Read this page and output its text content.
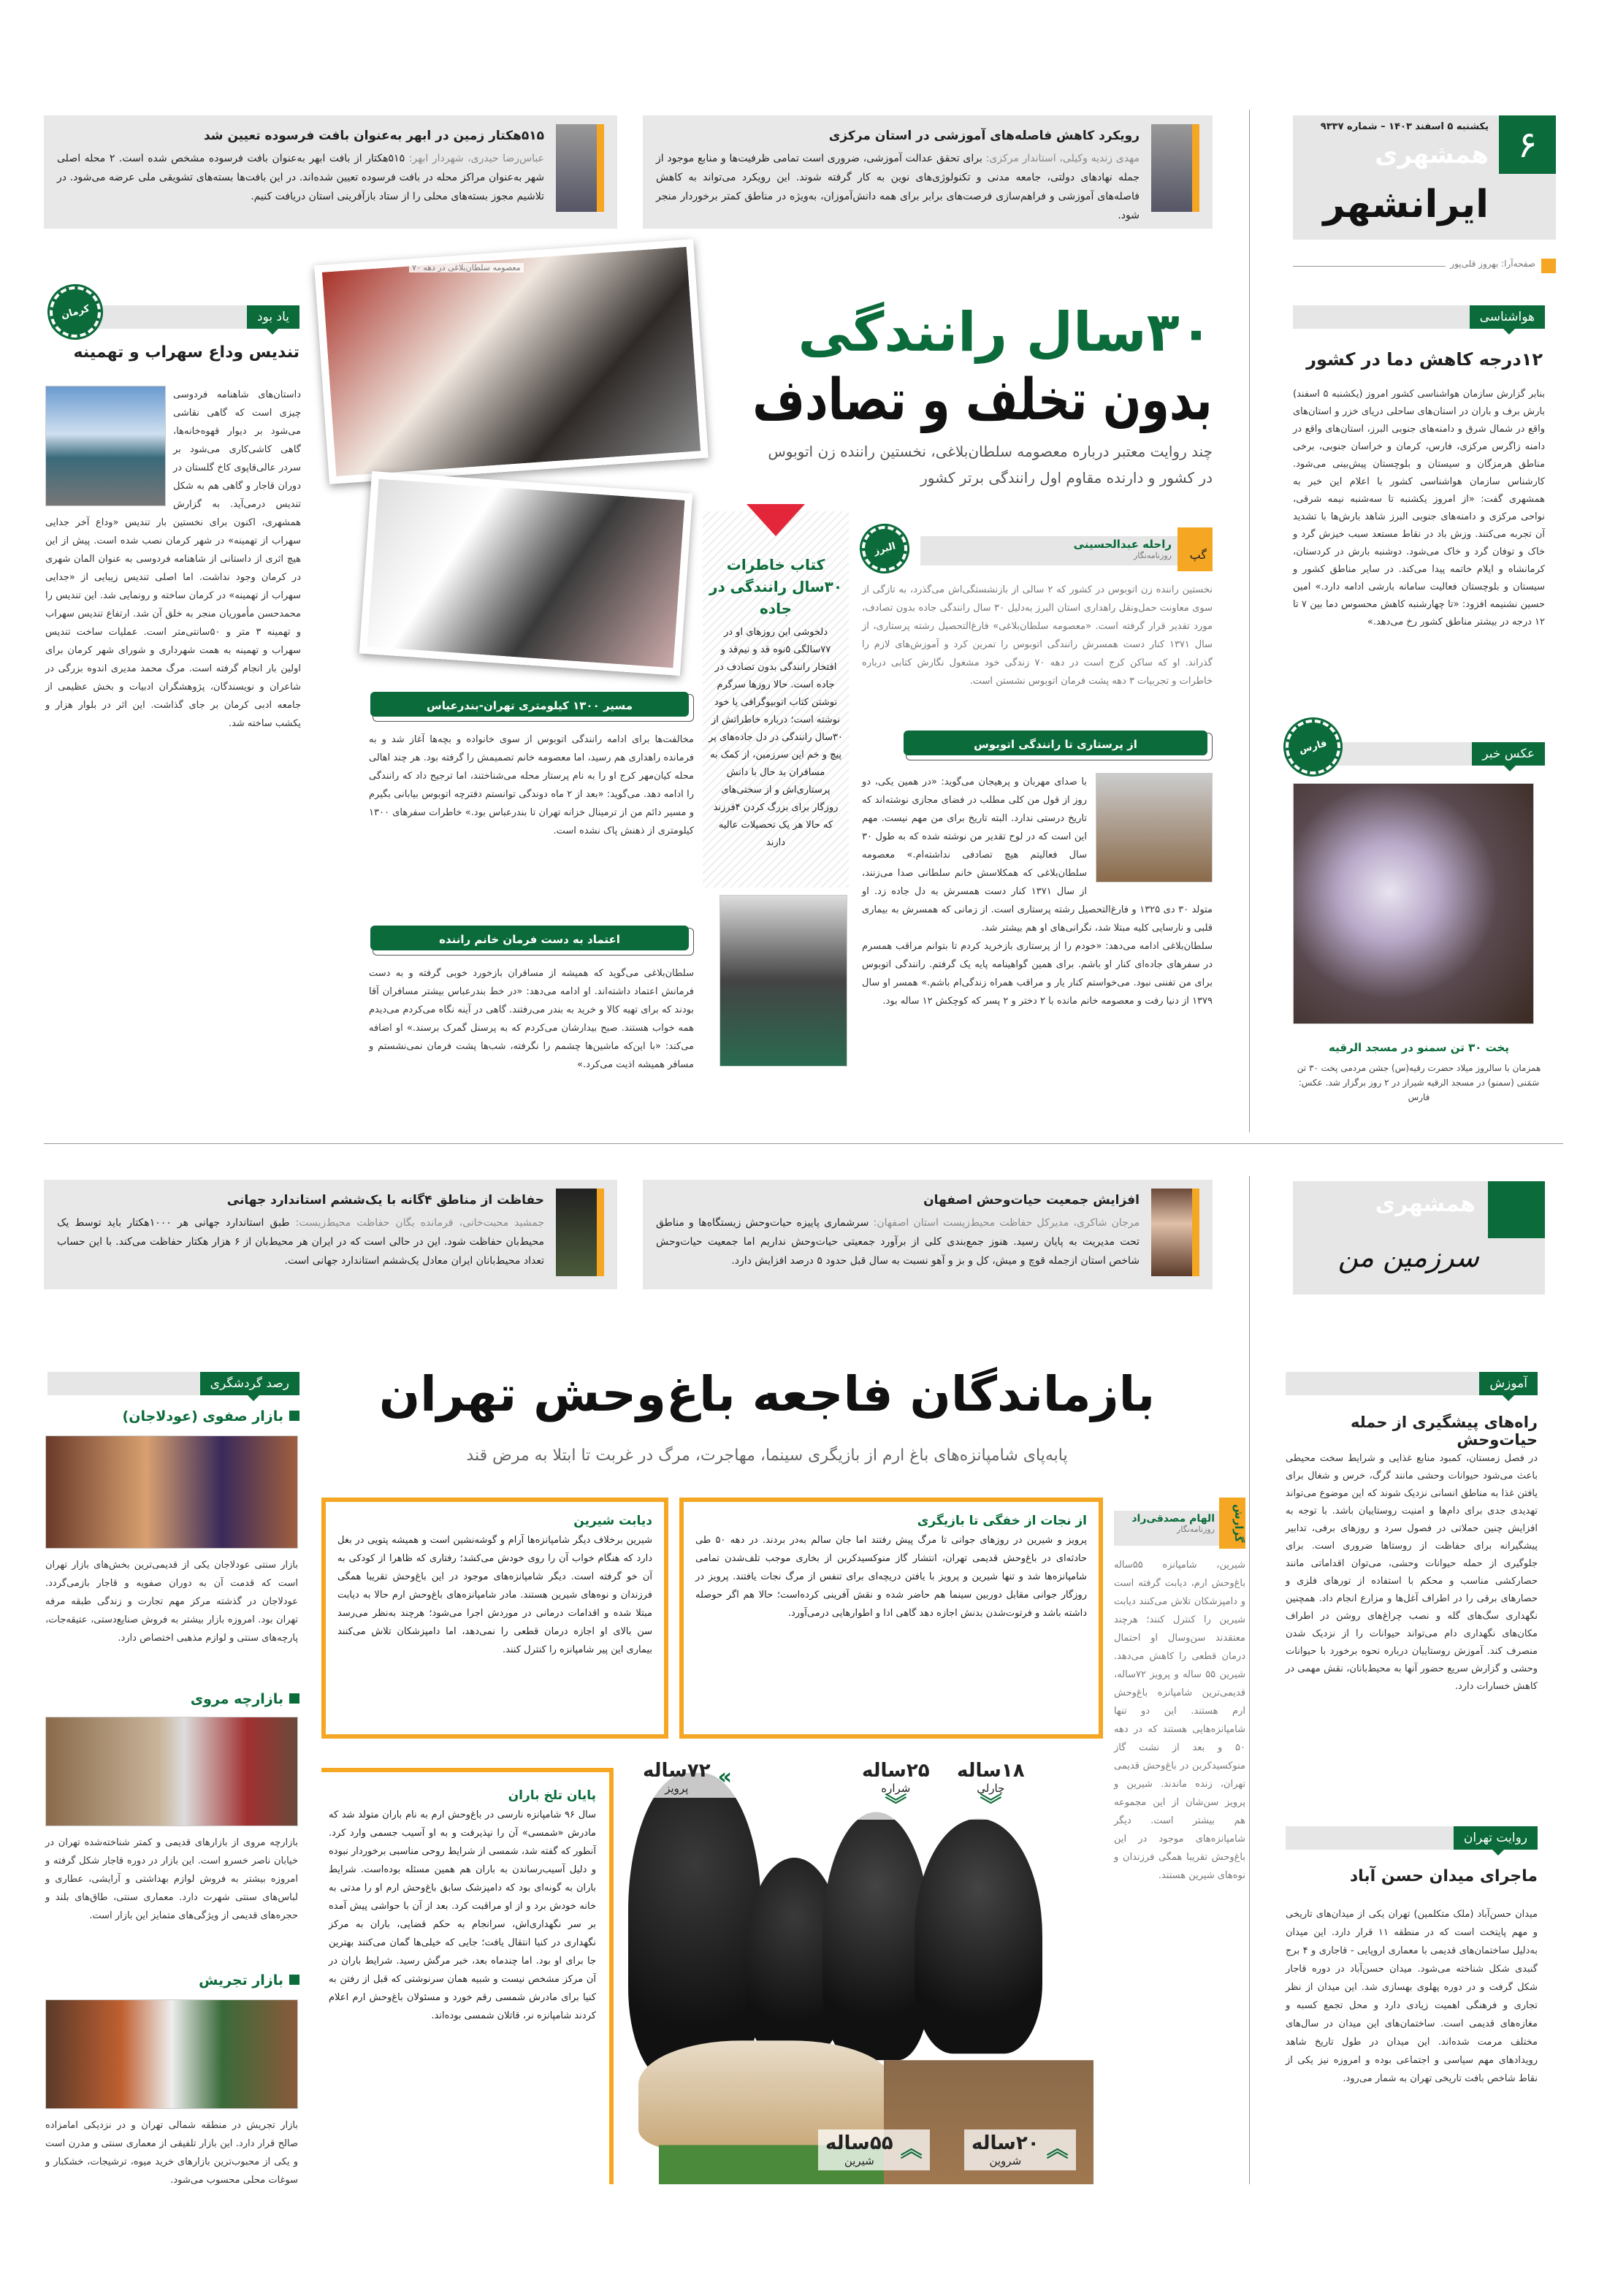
۶
یکشنبه ۵ اسفند ۱۴۰۳ – شماره ۹۳۳۷
همشهری
ایرانشهر
صفحه‌آرا: بهروز قلی‌پور
هواشناسی
۱۲درجه کاهش دما در کشور

بنابر گزارش سازمان هواشناسی کشور امروز (یکشنبه ۵ اسفند) بارش برف و باران در استان‌های ساحلی دریای خزر و استان‌های واقع در شمال شرق و دامنه‌های جنوبی البرز، استان‌های واقع در دامنه زاگرس مرکزی، فارس، کرمان و خراسان جنوبی، برخی مناطق هرمزگان و سیستان و بلوچستان پیش‌بینی می‌شود. کارشناس سازمان هواشناسی کشور با اعلام این خبر به همشهری گفت: «از امروز یکشنبه تا سه‌شنبه نیمه شرقی، نواحی مرکزی و دامنه‌های جنوبی البرز شاهد بارش‌ها با تشدید آن تجربه می‌کنند. وزش باد در نقاط مستعد سبب خیزش گرد و خاک و توفان گرد و خاک می‌شود. دوشنبه بارش در کردستان، کرمانشاه و ایلام خاتمه پیدا می‌کند. در سایر مناطق کشور و سیستان و بلوچستان فعالیت سامانه بارشی ادامه دارد.» امین حسین نشنیمه افزود: «تا چهارشنبه کاهش محسوس دما بین ۷ تا ۱۲ درجه در بیشتر مناطق کشور رخ می‌دهد.»

عکس خبر
فارس
پخت ۳۰ تن سمنو در مسجد الرقیه
همزمان با سالروز میلاد حضرت رقیه(س) جشن مردمی پخت ۳۰ تن سَمَنی (سمنو) در مسجد الرقیه شیراز در ۲ روز برگزار شد. عکس: فارس
معصومه سلطان‌بلاغی در دهه ۷۰
رویکرد کاهش فاصله‌های آموزشی در استان مرکزی
مهدی زندیه وکیلی، استاندار مرکزی: برای تحقق عدالت آموزشی، ضروری است تمامی ظرفیت‌ها و منابع موجود از جمله نهادهای دولتی، جامعه مدنی و تکنولوژی‌های نوین به کار گرفته شوند. این رویکرد می‌تواند به کاهش فاصله‌های آموزشی و فراهم‌سازی فرصت‌های برابر برای همه دانش‌آموزان، به‌ویژه در مناطق کمتر برخوردار منجر شود.
۵۱۵هکتار زمین در ابهر به‌عنوان بافت فرسوده تعیین شد
عباس‌رضا حیدری، شهردار ابهر: ۵۱۵هکتار از بافت ابهر به‌عنوان بافت فرسوده مشخص شده است. ۲ محله اصلی شهر به‌عنوان مراکز محله در بافت فرسوده تعیین شده‌اند. در این بافت‌ها بسته‌های تشویقی ملی عرضه می‌شود. در تلاشیم مجوز بسته‌های محلی را از ستاد بازآفرینی استان دریافت کنیم.
۳۰سال رانندگی
بدون تخلف و تصادف

چند روایت معتبر درباره معصومه سلطان‌بلاغی، نخستین راننده زن اتوبوس در کشور و دارنده مقاوم اول رانندگی برتر کشور

گپ
راحله عبدالحسینی
روزنامه‌نگار
البرز

نخستین راننده زن اتوبوس در کشور که ۲ سالی از بازنشستگی‌اش می‌گذرد، به تازگی از سوی معاونت حمل‌ونقل راهداری استان البرز به‌دلیل ۳۰ سال رانندگی جاده بدون تصادف، مورد تقدیر قرار گرفته است. «معصومه سلطان‌بلاغی» فارغ‌التحصیل رشته پرستاری، از سال ۱۳۷۱ کنار دست همسرش رانندگی اتوبوس را تمرین کرد و آموزش‌های لازم را گذراند. او که ساکن کرج است در دهه ۷۰ زندگی خود مشغول نگارش کتابی درباره خاطرات و تجربیات ۳ دهه پشت فرمان اتوبوس نشستن است.

از پرستاری تا رانندگی اتوبوس

با صدای مهربان و پرهیجان می‌گوید: «در همین یکی، دو روز از قول من کلی مطلب در فضای مجازی نوشته‌اند که تاریخ درستی ندارد. البته تاریخ برای من مهم نیست. مهم این است که در لوح تقدیر من نوشته شده که به طول ۳۰ سال فعالیتم هیچ تصادفی نداشته‌ام.» معصومه سلطان‌بلاغی که همکلاسش خانم سلطانی صدا می‌زنند، از سال ۱۳۷۱ کنار دست همسرش به دل جاده زد. او متولد ۳۰ دی ۱۳۲۵ و فارغ‌التحصیل رشته پرستاری است. از زمانی که همسرش به بیماری قلبی و نارسایی کلیه مبتلا شد، نگرانی‌های او هم بیشتر شد.

سلطان‌بلاغی ادامه می‌دهد: «خودم را از پرستاری بازخرید کردم تا بتوانم مراقب همسرم در سفرهای جاده‌ای کنار او باشم. برای همین گواهینامه پایه یک گرفتم. رانندگی اتوبوس برای من تفننی نبود. می‌خواستم کنار یار و مراقب همراه زندگی‌ام باشم.» همسر او سال ۱۳۷۹ از دنیا رفت و معصومه خانم مانده با ۲ دختر و ۲ پسر که کوچکش ۱۲ ساله بود.

کتاب خاطرات ۳۰سال رانندگی در جاده
دلخوشی این روزهای او در ۷۷سالگی ۵نوه قد و نیم‌قد و افتخار رانندگی بدون تصادف در جاده است. حالا روزها سرگرم نوشتن کتاب اتوبیوگرافی یا خود نوشته است؛ درباره خاطراتش از ۳۰سال رانندگی در دل جاده‌های پر پیچ و خم این سرزمین، از کمک به مسافران بد حال با دانش پرستاری‌اش و از سختی‌های روزگار برای بزرگ کردن ۴فرزند که حالا هر یک تحصیلات عالیه دارند
مسیر ۱۳۰۰ کیلومتری تهران-بندرعباس

مخالفت‌ها برای ادامه رانندگی اتوبوس از سوی خانواده و بچه‌ها آغاز شد و به فرمانده راهداری هم رسید، اما معصومه خانم تصمیمش را گرفته بود. هر چند اهالی محله کیان‌مهر کرج او را به نام پرستار محله می‌شناختند، اما ترجیح داد که رانندگی را ادامه دهد. می‌گوید: «بعد از ۲ ماه دوندگی توانستم دفترچه اتوبوس بیابانی بگیرم و مسیر دائم من از ترمینال خزانه تهران تا بندرعباس بود.» خاطرات سفرهای ۱۳۰۰ کیلومتری از ذهنش پاک نشده است.

اعتماد به دست فرمان خانم راننده

سلطان‌بلاغی می‌گوید که همیشه از مسافران بازخورد خوبی گرفته و به دست فرمانش اعتماد داشته‌اند. او ادامه می‌دهد: «در خط بندرعباس بیشتر مسافران آقا بودند که برای تهیه کالا و خرید به بندر می‌رفتند. گاهی در آینه نگاه می‌کردم می‌دیدم همه خواب هستند. صبح بیدارشان می‌کردم که به پرسنل گمرک برسند.» او اضافه می‌کند: «با این‌که ماشین‌ها چشمم را نگرفته، شب‌ها پشت فرمان نمی‌نشستم و مسافر همیشه اذیت می‌کرد.»

یاد بود
کرمان
تندیس وداع سهراب و تهمینه

داستان‌های شاهنامه فردوسی چیزی است که گاهی نقاشی می‌شود بر دیوار قهوه‌خانه‌ها، گاهی کاشی‌کاری می‌شود بر سردر عالی‌قاپوی کاخ گلستان در دوران قاجار و گاهی هم به شکل تندیس درمی‌آید. به گزارش همشهری، اکنون برای نخستین بار تندیس «وداع آخر جدایی سهراب از تهمینه» در شهر کرمان نصب شده است. پیش از این هیچ اثری از داستانی از شاهنامه فردوسی به عنوان المان شهری در کرمان وجود نداشت. اما اصلی تندیس زیبایی از «جدایی سهراب از تهمینه» در کرمان ساخته و رونمایی شد. این تندیس را محمدحسن مأموریان منجر به خلق آن شد. ارتفاع تندیس سهراب و تهمینه ۳ متر و ۵۰سانتی‌متر است. عملیات ساخت تندیس سهراب و تهمینه به همت شهرداری و شورای شهر کرمان برای اولین بار انجام گرفته است. مرگ محمد مدیری اندوه بزرگی در شاعران و نویسندگان، پژوهشگران ادبیات و بخش عظیمی از جامعه ادبی کرمان بر جای گذاشت. این اثر در بلوار هزار و یکشب ساخته شد.

افزایش جمعیت حیات‌وحش اصفهان
مرجان شاکری، مدیرکل حفاظت محیط‌زیست استان اصفهان: سرشماری پاییزه حیات‌وحش زیستگاه‌ها و مناطق تحت مدیریت به پایان رسید. هنوز جمع‌بندی کلی از برآورد جمعیتی حیات‌وحش نداریم اما جمعیت حیات‌وحش شاخص استان ازجمله قوچ و میش، کل و بز و آهو نسبت به سال قبل حدود ۵ درصد افزایش دارد.
حفاظت از مناطق ۴گانه با یک‌ششم استاندارد جهانی
جمشید محبت‌خانی، فرمانده یگان حفاظت محیط‌زیست: طبق استاندارد جهانی هر ۱۰۰۰هکتار باید توسط یک محیط‌بان حفاظت شود. این در حالی است که در ایران هر محیط‌بان از ۶ هزار هکتار حفاظت می‌کند. با این حساب تعداد محیط‌بانان ایران معادل یک‌ششم استاندارد جهانی است.
همشهری
سرزمین من
آموزش
راه‌های پیشگیری از حمله حیات‌وحش

در فصل زمستان، کمبود منابع غذایی و شرایط سخت محیطی باعث می‌شود حیوانات وحشی مانند گرگ، خرس و شغال برای یافتن غذا به مناطق انسانی نزدیک شوند که این موضوع می‌تواند تهدیدی جدی برای دام‌ها و امنیت روستاییان باشد. با توجه به افزایش چنین حملاتی در فصول سرد و روزهای برفی، تدابیر پیشگیرانه برای حفاظت از روستاها ضروری است. برای جلوگیری از حمله حیوانات وحشی، می‌توان اقداماتی مانند حصارکشی مناسب و محکم با استفاده از تورهای فلزی و حصارهای برقی را در اطراف آغل‌ها و مزارع انجام داد. همچنین نگهداری سگ‌های گله و نصب چراغ‌های روشن در اطراف مکان‌های نگهداری دام می‌تواند حیوانات را از نزدیک شدن منصرف کند. آموزش روستاییان درباره نحوه برخورد با حیوانات وحشی و گزارش سریع حضور آنها به محیط‌بانان، نقش مهمی در کاهش خسارات دارد.

روایت تهران
ماجرای میدان حسن آباد

میدان حسن‌آباد (ملک متکلمین) تهران یکی از میدان‌های تاریخی و مهم پایتخت است که در منطقه ۱۱ قرار دارد. این میدان به‌دلیل ساختمان‌های قدیمی با معماری اروپایی - قاجاری و ۴ برج گنبدی شکل شناخته می‌شود. میدان حسن‌آباد در دوره قاجار شکل گرفت و در دوره پهلوی بهسازی شد. این میدان از نظر تجاری و فرهنگی اهمیت زیادی دارد و محل تجمع کسبه و مغازه‌های قدیمی است. ساختمان‌های این میدان در سال‌های مختلف مرمت شده‌اند. این میدان در طول تاریخ شاهد رویدادهای مهم سیاسی و اجتماعی بوده و امروزه نیز یکی از نقاط شاخص بافت تاریخی تهران به شمار می‌رود.

رصد گردشگری
بازار صفوی (عودلاجان)

بازار سنتی عودلاجان یکی از قدیمی‌ترین بخش‌های بازار تهران است که قدمت آن به دوران صفویه و قاجار بازمی‌گردد. عودلاجان در گذشته مرکز مهم تجارت و زندگی طبقه مرفه تهران بود. امروزه بازار بیشتر به فروش صنایع‌دستی، عتیقه‌جات، پارچه‌های سنتی و لوازم مذهبی اختصاص دارد.

بازارچه مروی

بازارچه مروی از بازارهای قدیمی و کمتر شناخته‌شده تهران در خیابان ناصر خسرو است. این بازار در دوره قاجار شکل گرفته و امروزه بیشتر به فروش لوازم بهداشتی و آرایشی، عطاری و لباس‌های سنتی شهرت دارد. معماری سنتی، طاق‌های بلند و حجره‌های قدیمی از ویژگی‌های متمایز این بازار است.

بازار تجریش

بازار تجریش در منطقه شمالی تهران و در نزدیکی امامزاده صالح قرار دارد. این بازار تلفیقی از معماری سنتی و مدرن است و یکی از محبوب‌ترین بازارهای خرید میوه، ترشیجات، خشکبار و سوغات محلی محسوب می‌شود.

بازماندگان فاجعه باغ‌وحش تهران

پابه‌پای شامپانزه‌های باغ ارم از بازیگری سینما، مهاجرت، مرگ در غربت تا ابتلا به مرض قند

گزارش
الهام مصدقی‌راد
روزنامه‌نگار

شیرین، شامپانزه ۵۵ساله باغ‌وحش ارم، دیابت گرفته است و دامپزشکان تلاش می‌کنند دیابت شیرین را کنترل کنند؛ هرچند معتقدند سن‌وسال او احتمال درمان قطعی را کاهش می‌دهد. شیرین ۵۵ ساله و پرویز ۷۲ساله، قدیمی‌ترین شامپانزه باغ‌وحش ارم هستند. این دو تنها شامپانزه‌هایی هستند که در دهه ۵۰ و بعد از نشت گاز منوکسیدکربن در باغ‌وحش قدیمی تهران، زنده ماندند. شیرین و پرویز سن‌شان از این مجموعه هم بیشتر است. دیگر شامپانزه‌های موجود در این باغ‌وحش تقریبا همگی فرزندان و نوه‌های شیرین هستند.

از نجات از خفگی تا بازیگری

پرویز و شیرین در روزهای جوانی تا مرگ پیش رفتند اما جان سالم به‌در بردند. در دهه ۵۰ طی حادثه‌ای در باغ‌وحش قدیمی تهران، انتشار گاز منوکسیدکربن از بخاری موجب تلف‌شدن تمامی شامپانزه‌ها شد و تنها شیرین و پرویز با یافتن دریچه‌ای برای تنفس از مرگ نجات یافتند. پرویز در روزگار جوانی مقابل دوربین سینما هم حاضر شده و نقش آفرینی کرده‌است؛ حالا هم اگر حوصله داشته باشد و فرتوت‌شدن بدنش اجازه دهد گاهی ادا و اطوارهایی درمی‌آورد.

دیابت شیرین

شیرین برخلاف دیگر شامپانزه‌ها آرام و گوشه‌نشین است و همیشه پتویی در بغل دارد که هنگام خواب آن را روی خودش می‌کشد؛ رفتاری که ظاهرا از کودکی به آن خو گرفته است. دیگر شامپانزه‌های موجود در این باغ‌وحش تقریبا همگی فرزندان و نوه‌های شیرین هستند. مادر شامپانزه‌های باغ‌وحش ارم حالا به دیابت مبتلا شده و اقدامات درمانی در موردش اجرا می‌شود؛ هرچند به‌نظر می‌رسد سن بالای او اجازه درمان قطعی را نمی‌دهد، اما دامپزشکان تلاش می‌کنند بیماری این پیر شامپانزه را کنترل کنند.

پایان تلخ باران

سال ۹۶ شامپانزه نارسی در باغ‌وحش ارم به نام باران متولد شد که مادرش «شمسی» آن را نپذیرفت و به او آسیب جسمی وارد کرد. آنطور که گفته شد، شمسی از شرایط روحی مناسبی برخوردار نبوده و دلیل آسیب‌رساندن به باران هم همین مسئله بوده‌است. شرایط باران به گونه‌ای بود که دامپزشک سابق باغ‌وحش ارم او را مدتی به خانه خودش برد و از او مراقبت کرد. بعد از آن با حواشی پیش آمده بر سر نگهداری‌اش، سرانجام به حکم قضایی، باران به مرکز نگهداری در کنیا انتقال یافت؛ جایی که خیلی‌ها گمان می‌کنند بهترین جا برای او بود. اما چندماه بعد، خبر مرگش رسید. شرایط باران در آن مرکز مشخص نیست و شبیه همان سرنوشتی که قبل از رفتن به کنیا برای مادرش شمسی رقم خورد و مسئولان باغ‌وحش ارم اعلام کردند شامپانزه نر، قاتلان شمسی بوده‌اند.

۱۸ساله
چارلی
︾
۲۵ساله
شراره
︾
»
۷۲ساله
پرویز
︽
۲۰ساله
شروین
︽
۵۵ساله
شیرین
